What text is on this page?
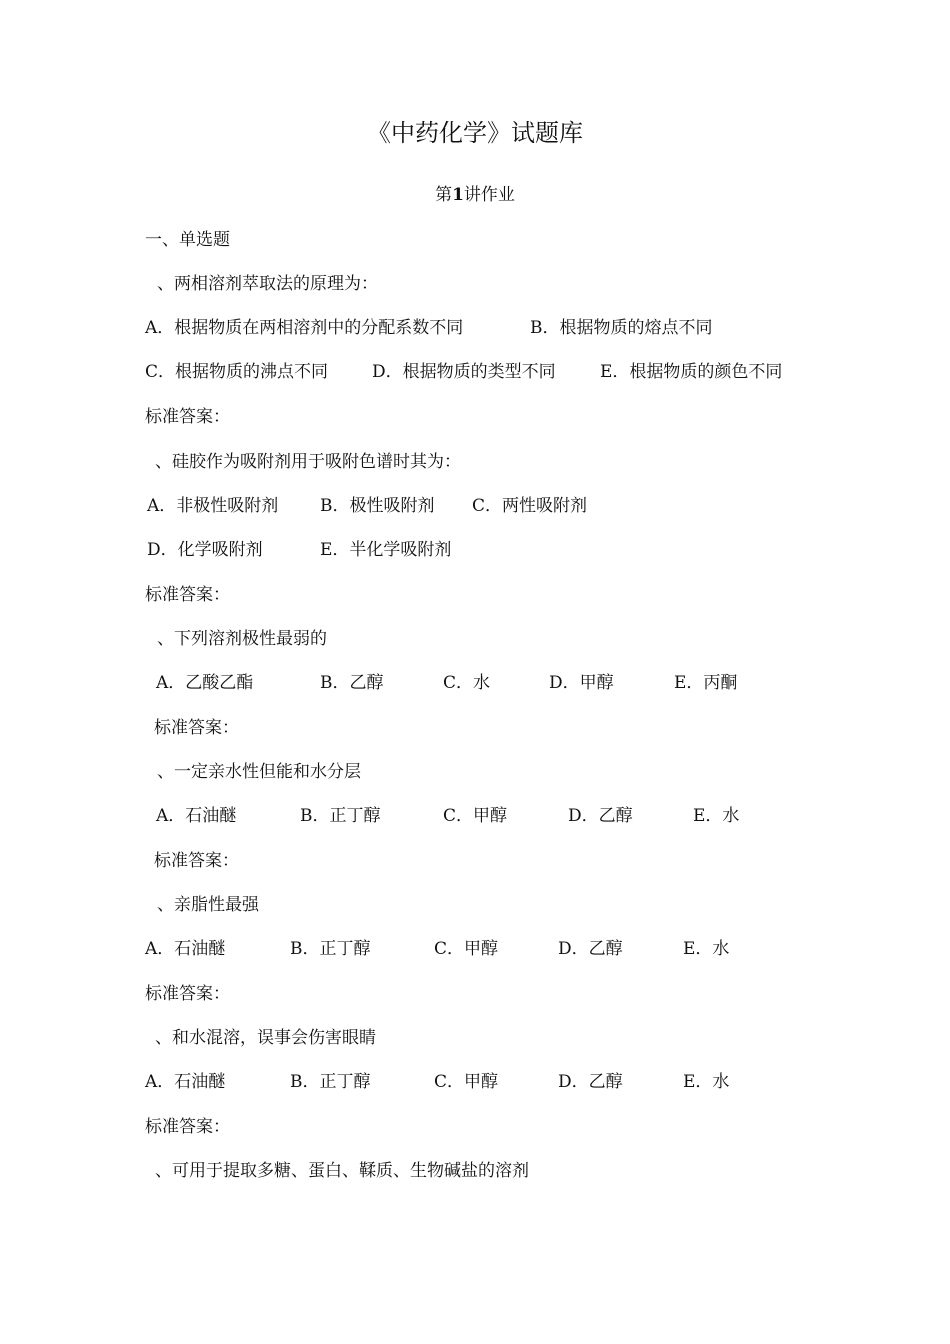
《中药化学》试题库
第1讲作业
一、单选题
、两相溶剂萃取法的原理为：
A．根据物质在两相溶剂中的分配系数不同	B．根据物质的熔点不同
C．根据物质的沸点不同	D．根据物质的类型不同	E．根据物质的颜色不同
标准答案：
、硅胶作为吸附剂用于吸附色谱时其为：
A．非极性吸附剂 B．极性吸附剂 C．两性吸附剂
D．化学吸附剂	E．半化学吸附剂
标准答案：
、下列溶剂极性最弱的
A．乙酸乙酯	B．乙醇	C．水	D．甲醇	E．丙酮
标准答案：
、一定亲水性但能和水分层
A．石油醚	B．正丁醇	C．甲醇	D．乙醇	E．水
标准答案：
、亲脂性最强
A．石油醚	B．正丁醇	C．甲醇	D．乙醇	E．水
标准答案：
、和水混溶，误事会伤害眼睛
A．石油醚	B．正丁醇	C．甲醇	D．乙醇	E．水
标准答案：
、可用于提取多糖、蛋白、鞣质、生物碱盐的溶剂
